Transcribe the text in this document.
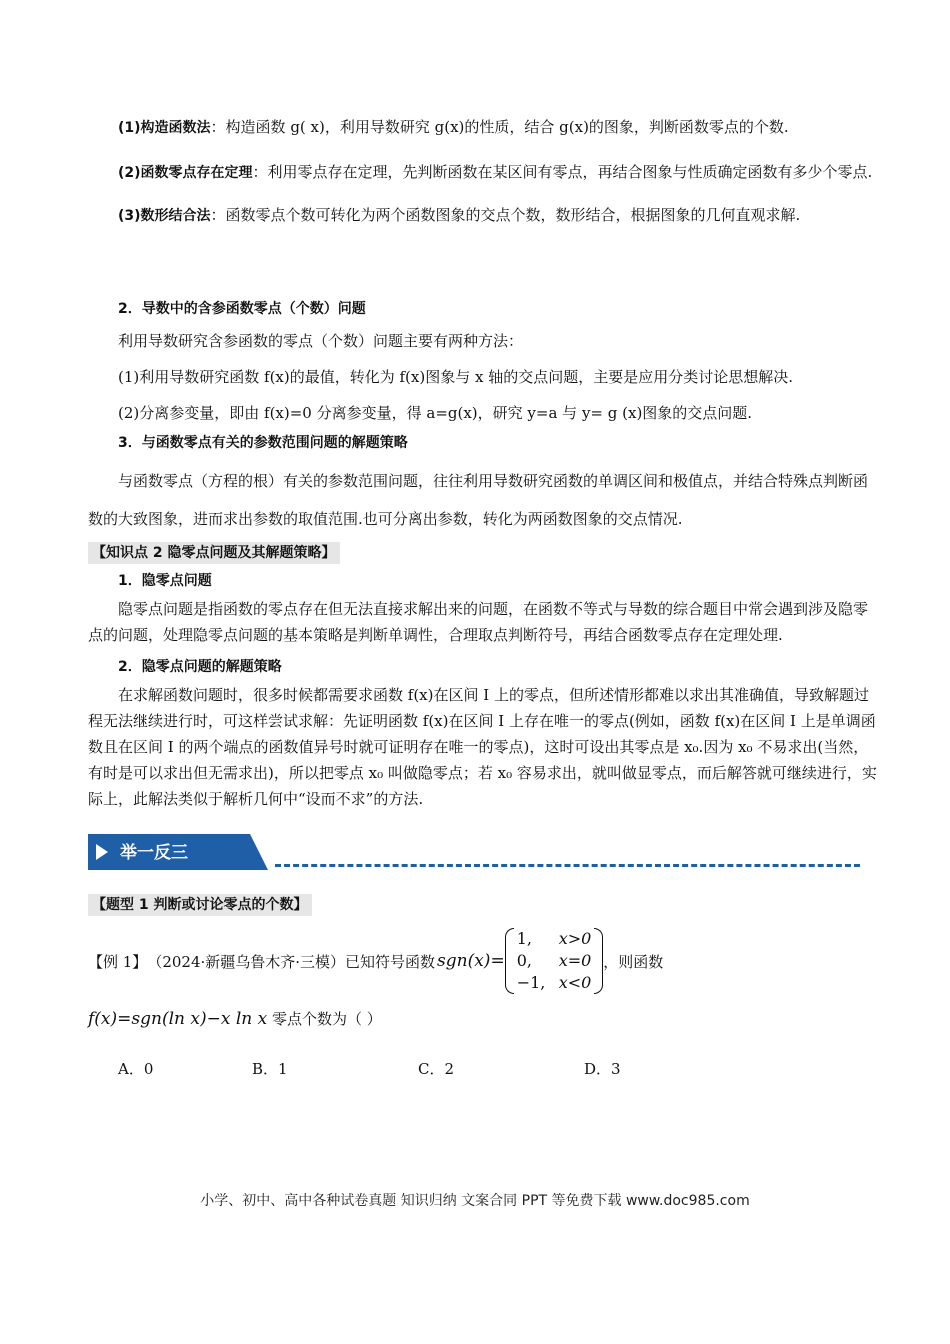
(1)构造函数法：构造函数 g( x)，利用导数研究 g(x)的性质，结合 g(x)的图象，判断函数零点的个数.

(2)函数零点存在定理：利用零点存在定理，先判断函数在某区间有零点，再结合图象与性质确定函数有多少个零点.

(3)数形结合法：函数零点个数可转化为两个函数图象的交点个数，数形结合，根据图象的几何直观求解.

2．导数中的含参函数零点（个数）问题

利用导数研究含参函数的零点（个数）问题主要有两种方法：

(1)利用导数研究函数 f(x)的最值，转化为 f(x)图象与 x 轴的交点问题，主要是应用分类讨论思想解决.

(2)分离参变量，即由 f(x)=0 分离参变量，得 a=g(x)，研究 y=a 与 y= g (x)图象的交点问题.

3．与函数零点有关的参数范围问题的解题策略

与函数零点（方程的根）有关的参数范围问题，往往利用导数研究函数的单调区间和极值点，并结合特殊点判断函数的大致图象，进而求出参数的取值范围.也可分离出参数，转化为两函数图象的交点情况.

【知识点 2 隐零点问题及其解题策略】

1．隐零点问题

隐零点问题是指函数的零点存在但无法直接求解出来的问题，在函数不等式与导数的综合题目中常会遇到涉及隐零点的问题，处理隐零点问题的基本策略是判断单调性，合理取点判断符号，再结合函数零点存在定理处理.

2．隐零点问题的解题策略

在求解函数问题时，很多时候都需要求函数 f(x)在区间 I 上的零点，但所述情形都难以求出其准确值，导致解题过程无法继续进行时，可这样尝试求解：先证明函数 f(x)在区间 I 上存在唯一的零点(例如，函数 f(x)在区间 I 上是单调函数且在区间 I 的两个端点的函数值异号时就可证明存在唯一的零点)，这时可设出其零点是 x₀.因为 x₀ 不易求出(当然，有时是可以求出但无需求出)，所以把零点 x₀ 叫做隐零点；若 x₀ 容易求出，就叫做显零点，而后解答就可继续进行，实际上，此解法类似于解析几何中“设而不求”的方法.

举一反三
【题型 1 判断或讨论零点的个数】
【例 1】 （2024·新疆乌鲁木齐·三模）已知符号函数 sgn(x)=
1, x>0
0, x=0
−1, x<0
，则函数
f(x)=sgn(ln x)−x ln x 零点个数为（ ）
A．0	B．1	C．2	D．3
小学、初中、高中各种试卷真题 知识归纳 文案合同 PPT 等免费下载 www.doc985.com
